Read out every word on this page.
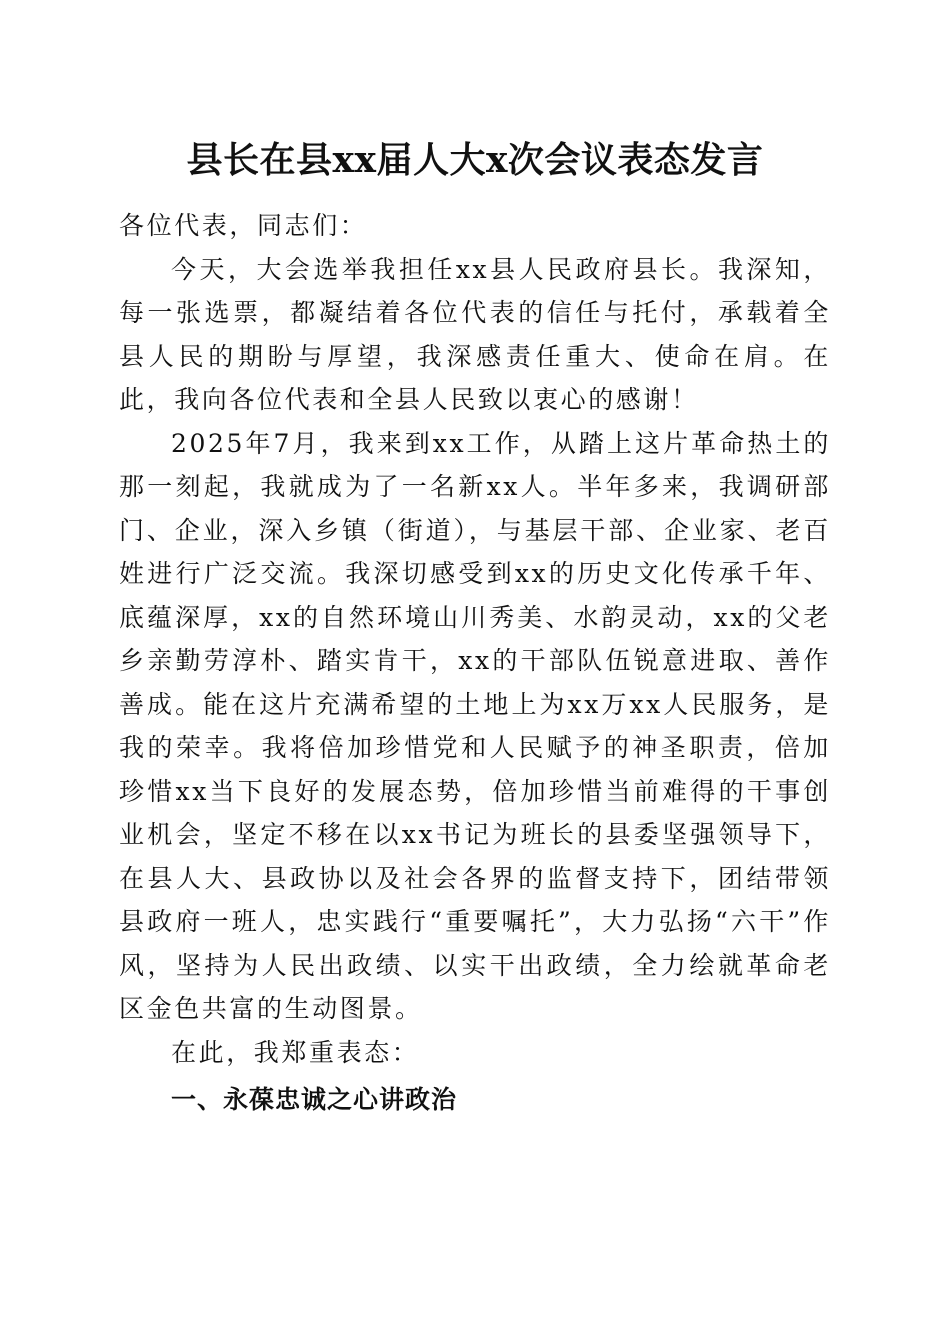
县长在县xx届人大x次会议表态发言

各位代表，同志们：

今天，大会选举我担任xx县人民政府县长。我深知，每一张选票，都凝结着各位代表的信任与托付，承载着全县人民的期盼与厚望，我深感责任重大、使命在肩。在此，我向各位代表和全县人民致以衷心的感谢！

2025年7月，我来到xx工作，从踏上这片革命热土的那一刻起，我就成为了一名新xx人。半年多来，我调研部门、企业，深入乡镇（街道），与基层干部、企业家、老百姓进行广泛交流。我深切感受到xx的历史文化传承千年、底蕴深厚，xx的自然环境山川秀美、水韵灵动，xx的父老乡亲勤劳淳朴、踏实肯干，xx的干部队伍锐意进取、善作善成。能在这片充满希望的土地上为xx万xx人民服务，是我的荣幸。我将倍加珍惜党和人民赋予的神圣职责，倍加珍惜xx当下良好的发展态势，倍加珍惜当前难得的干事创业机会，坚定不移在以xx书记为班长的县委坚强领导下，在县人大、县政协以及社会各界的监督支持下，团结带领县政府一班人，忠实践行“重要嘱托”，大力弘扬“六干”作风，坚持为人民出政绩、以实干出政绩，全力绘就革命老区金色共富的生动图景。

在此，我郑重表态：

一、永葆忠诚之心讲政治
